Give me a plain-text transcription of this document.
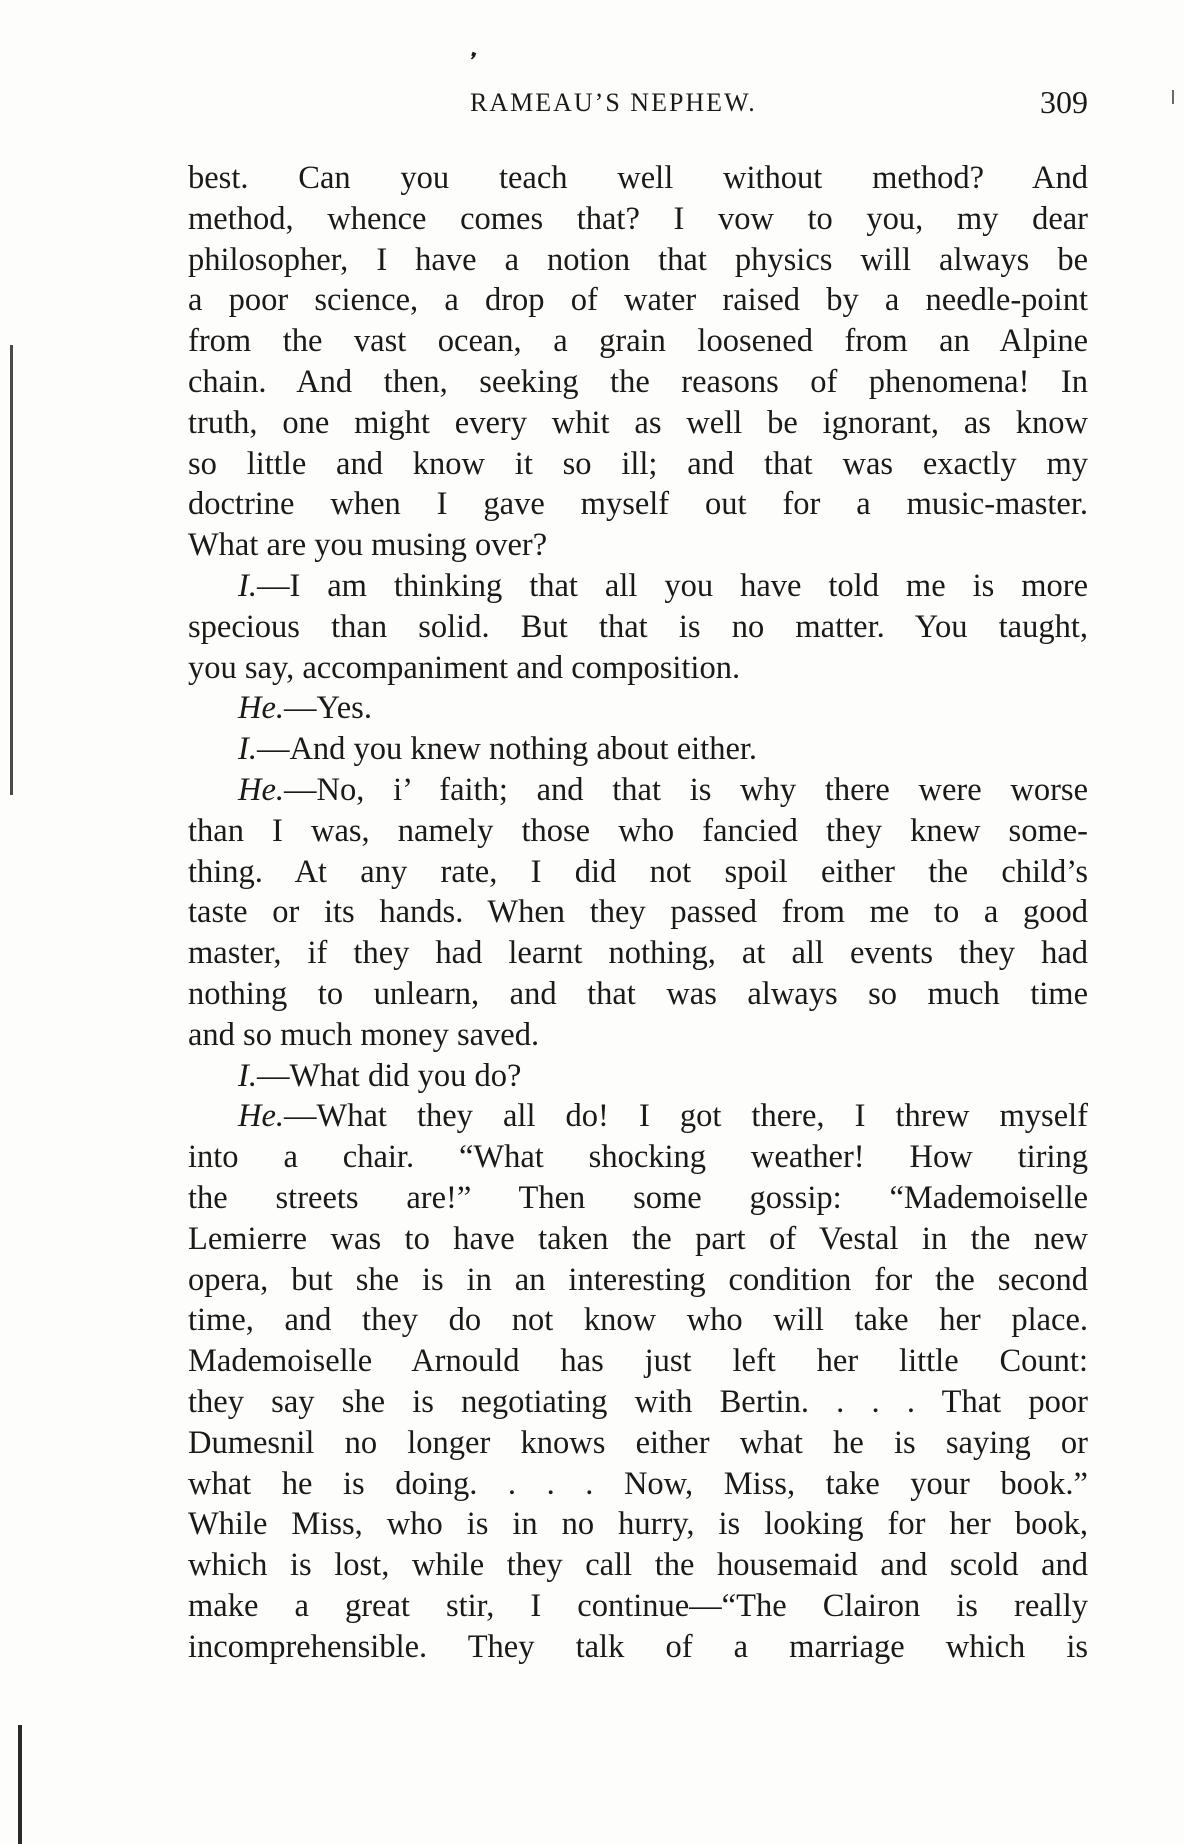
❜
RAMEAU’S NEPHEW.	309
best. Can you teach well without method? And
method, whence comes that? I vow to you, my dear
philosopher, I have a notion that physics will always be
a poor science, a drop of water raised by a needle-point
from the vast ocean, a grain loosened from an Alpine
chain. And then, seeking the reasons of phenomena! In
truth, one might every whit as well be ignorant, as know
so little and know it so ill; and that was exactly my
doctrine when I gave myself out for a music-master.
What are you musing over?
I.—I am thinking that all you have told me is more
specious than solid. But that is no matter. You taught,
you say, accompaniment and composition.
He.—Yes.
I.—And you knew nothing about either.
He.—No, i’ faith; and that is why there were worse
than I was, namely those who fancied they knew some-
thing. At any rate, I did not spoil either the child’s
taste or its hands. When they passed from me to a good
master, if they had learnt nothing, at all events they had
nothing to unlearn, and that was always so much time
and so much money saved.
I.—What did you do?
He.—What they all do! I got there, I threw myself
into a chair. “What shocking weather! How tiring
the streets are!” Then some gossip: “Mademoiselle
Lemierre was to have taken the part of Vestal in the new
opera, but she is in an interesting condition for the second
time, and they do not know who will take her place.
Mademoiselle Arnould has just left her little Count:
they say she is negotiating with Bertin. . . . That poor
Dumesnil no longer knows either what he is saying or
what he is doing. . . . Now, Miss, take your book.”
While Miss, who is in no hurry, is looking for her book,
which is lost, while they call the housemaid and scold and
make a great stir, I continue—“The Clairon is really
incomprehensible. They talk of a marriage which is
